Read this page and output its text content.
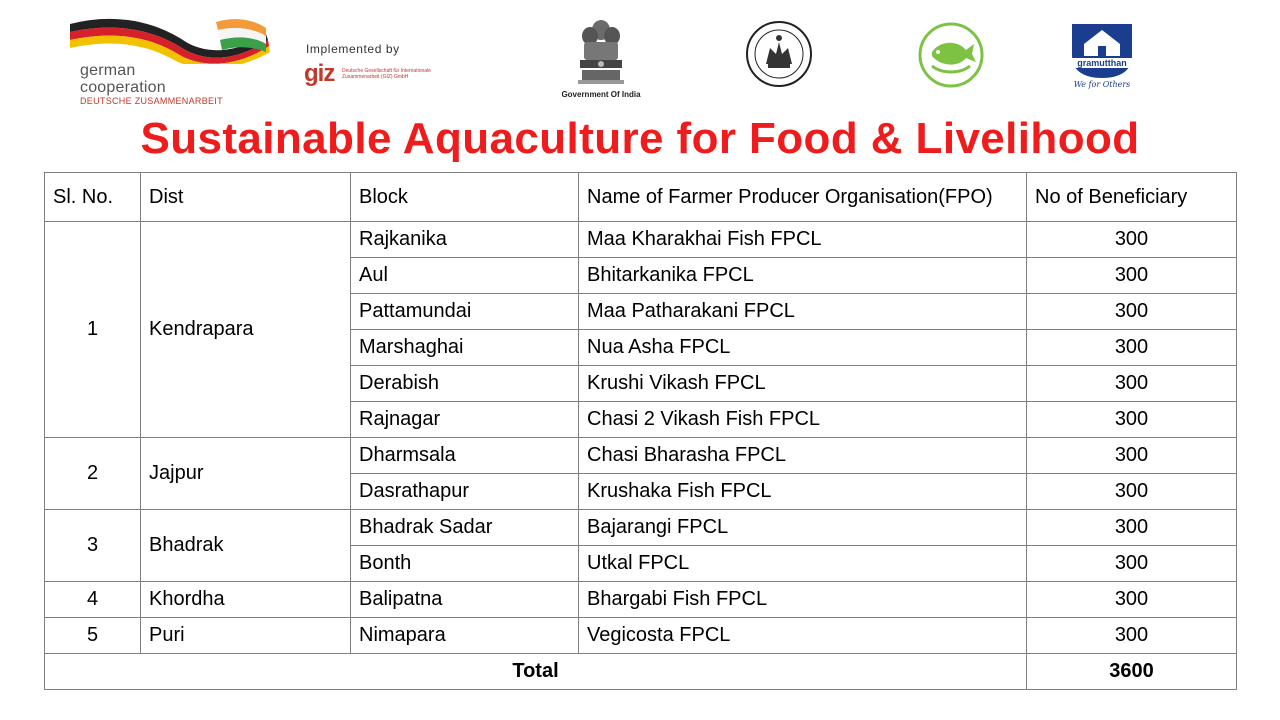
german
cooperation
DEUTSCHE ZUSAMMENARBEIT
Implemented by
giz Deutsche Gesellschaft für Internationale Zusammenarbeit (GIZ) GmbH
Government Of India
gramutthan
We for Others
Sustainable Aquaculture for Food & Livelihood
Sl. No.	Dist	Block	Name of Farmer Producer Organisation(FPO)	No of Beneficiary
1	Kendrapara	Rajkanika	Maa Kharakhai Fish FPCL	300
		Aul	Bhitarkanika FPCL	300
		Pattamundai	Maa Patharakani FPCL	300
		Marshaghai	Nua Asha FPCL	300
		Derabish	Krushi Vikash FPCL	300
		Rajnagar	Chasi 2 Vikash Fish FPCL	300
2	Jajpur	Dharmsala	Chasi Bharasha FPCL	300
		Dasrathapur	Krushaka Fish FPCL	300
3	Bhadrak	Bhadrak Sadar	Bajarangi FPCL	300
		Bonth	Utkal FPCL	300
4	Khordha	Balipatna	Bhargabi Fish FPCL	300
5	Puri	Nimapara	Vegicosta FPCL	300
Total				3600
